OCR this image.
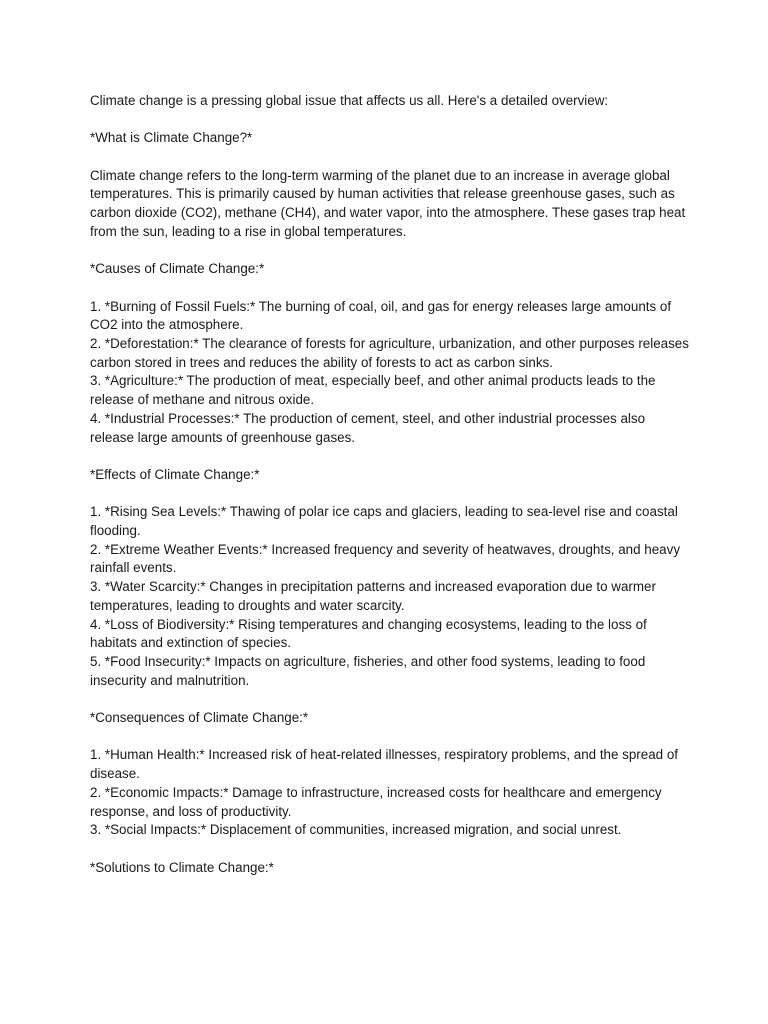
Climate change is a pressing global issue that affects us all. Here's a detailed overview:

*What is Climate Change?*

Climate change refers to the long-term warming of the planet due to an increase in average global temperatures. This is primarily caused by human activities that release greenhouse gases, such as carbon dioxide (CO2), methane (CH4), and water vapor, into the atmosphere. These gases trap heat from the sun, leading to a rise in global temperatures.

*Causes of Climate Change:*

1. *Burning of Fossil Fuels:* The burning of coal, oil, and gas for energy releases large amounts of CO2 into the atmosphere.
2. *Deforestation:* The clearance of forests for agriculture, urbanization, and other purposes releases carbon stored in trees and reduces the ability of forests to act as carbon sinks.
3. *Agriculture:* The production of meat, especially beef, and other animal products leads to the release of methane and nitrous oxide.
4. *Industrial Processes:* The production of cement, steel, and other industrial processes also release large amounts of greenhouse gases.

*Effects of Climate Change:*

1. *Rising Sea Levels:* Thawing of polar ice caps and glaciers, leading to sea-level rise and coastal flooding.
2. *Extreme Weather Events:* Increased frequency and severity of heatwaves, droughts, and heavy rainfall events.
3. *Water Scarcity:* Changes in precipitation patterns and increased evaporation due to warmer temperatures, leading to droughts and water scarcity.
4. *Loss of Biodiversity:* Rising temperatures and changing ecosystems, leading to the loss of habitats and extinction of species.
5. *Food Insecurity:* Impacts on agriculture, fisheries, and other food systems, leading to food insecurity and malnutrition.

*Consequences of Climate Change:*

1. *Human Health:* Increased risk of heat-related illnesses, respiratory problems, and the spread of disease.
2. *Economic Impacts:* Damage to infrastructure, increased costs for healthcare and emergency response, and loss of productivity.
3. *Social Impacts:* Displacement of communities, increased migration, and social unrest.

*Solutions to Climate Change:*
